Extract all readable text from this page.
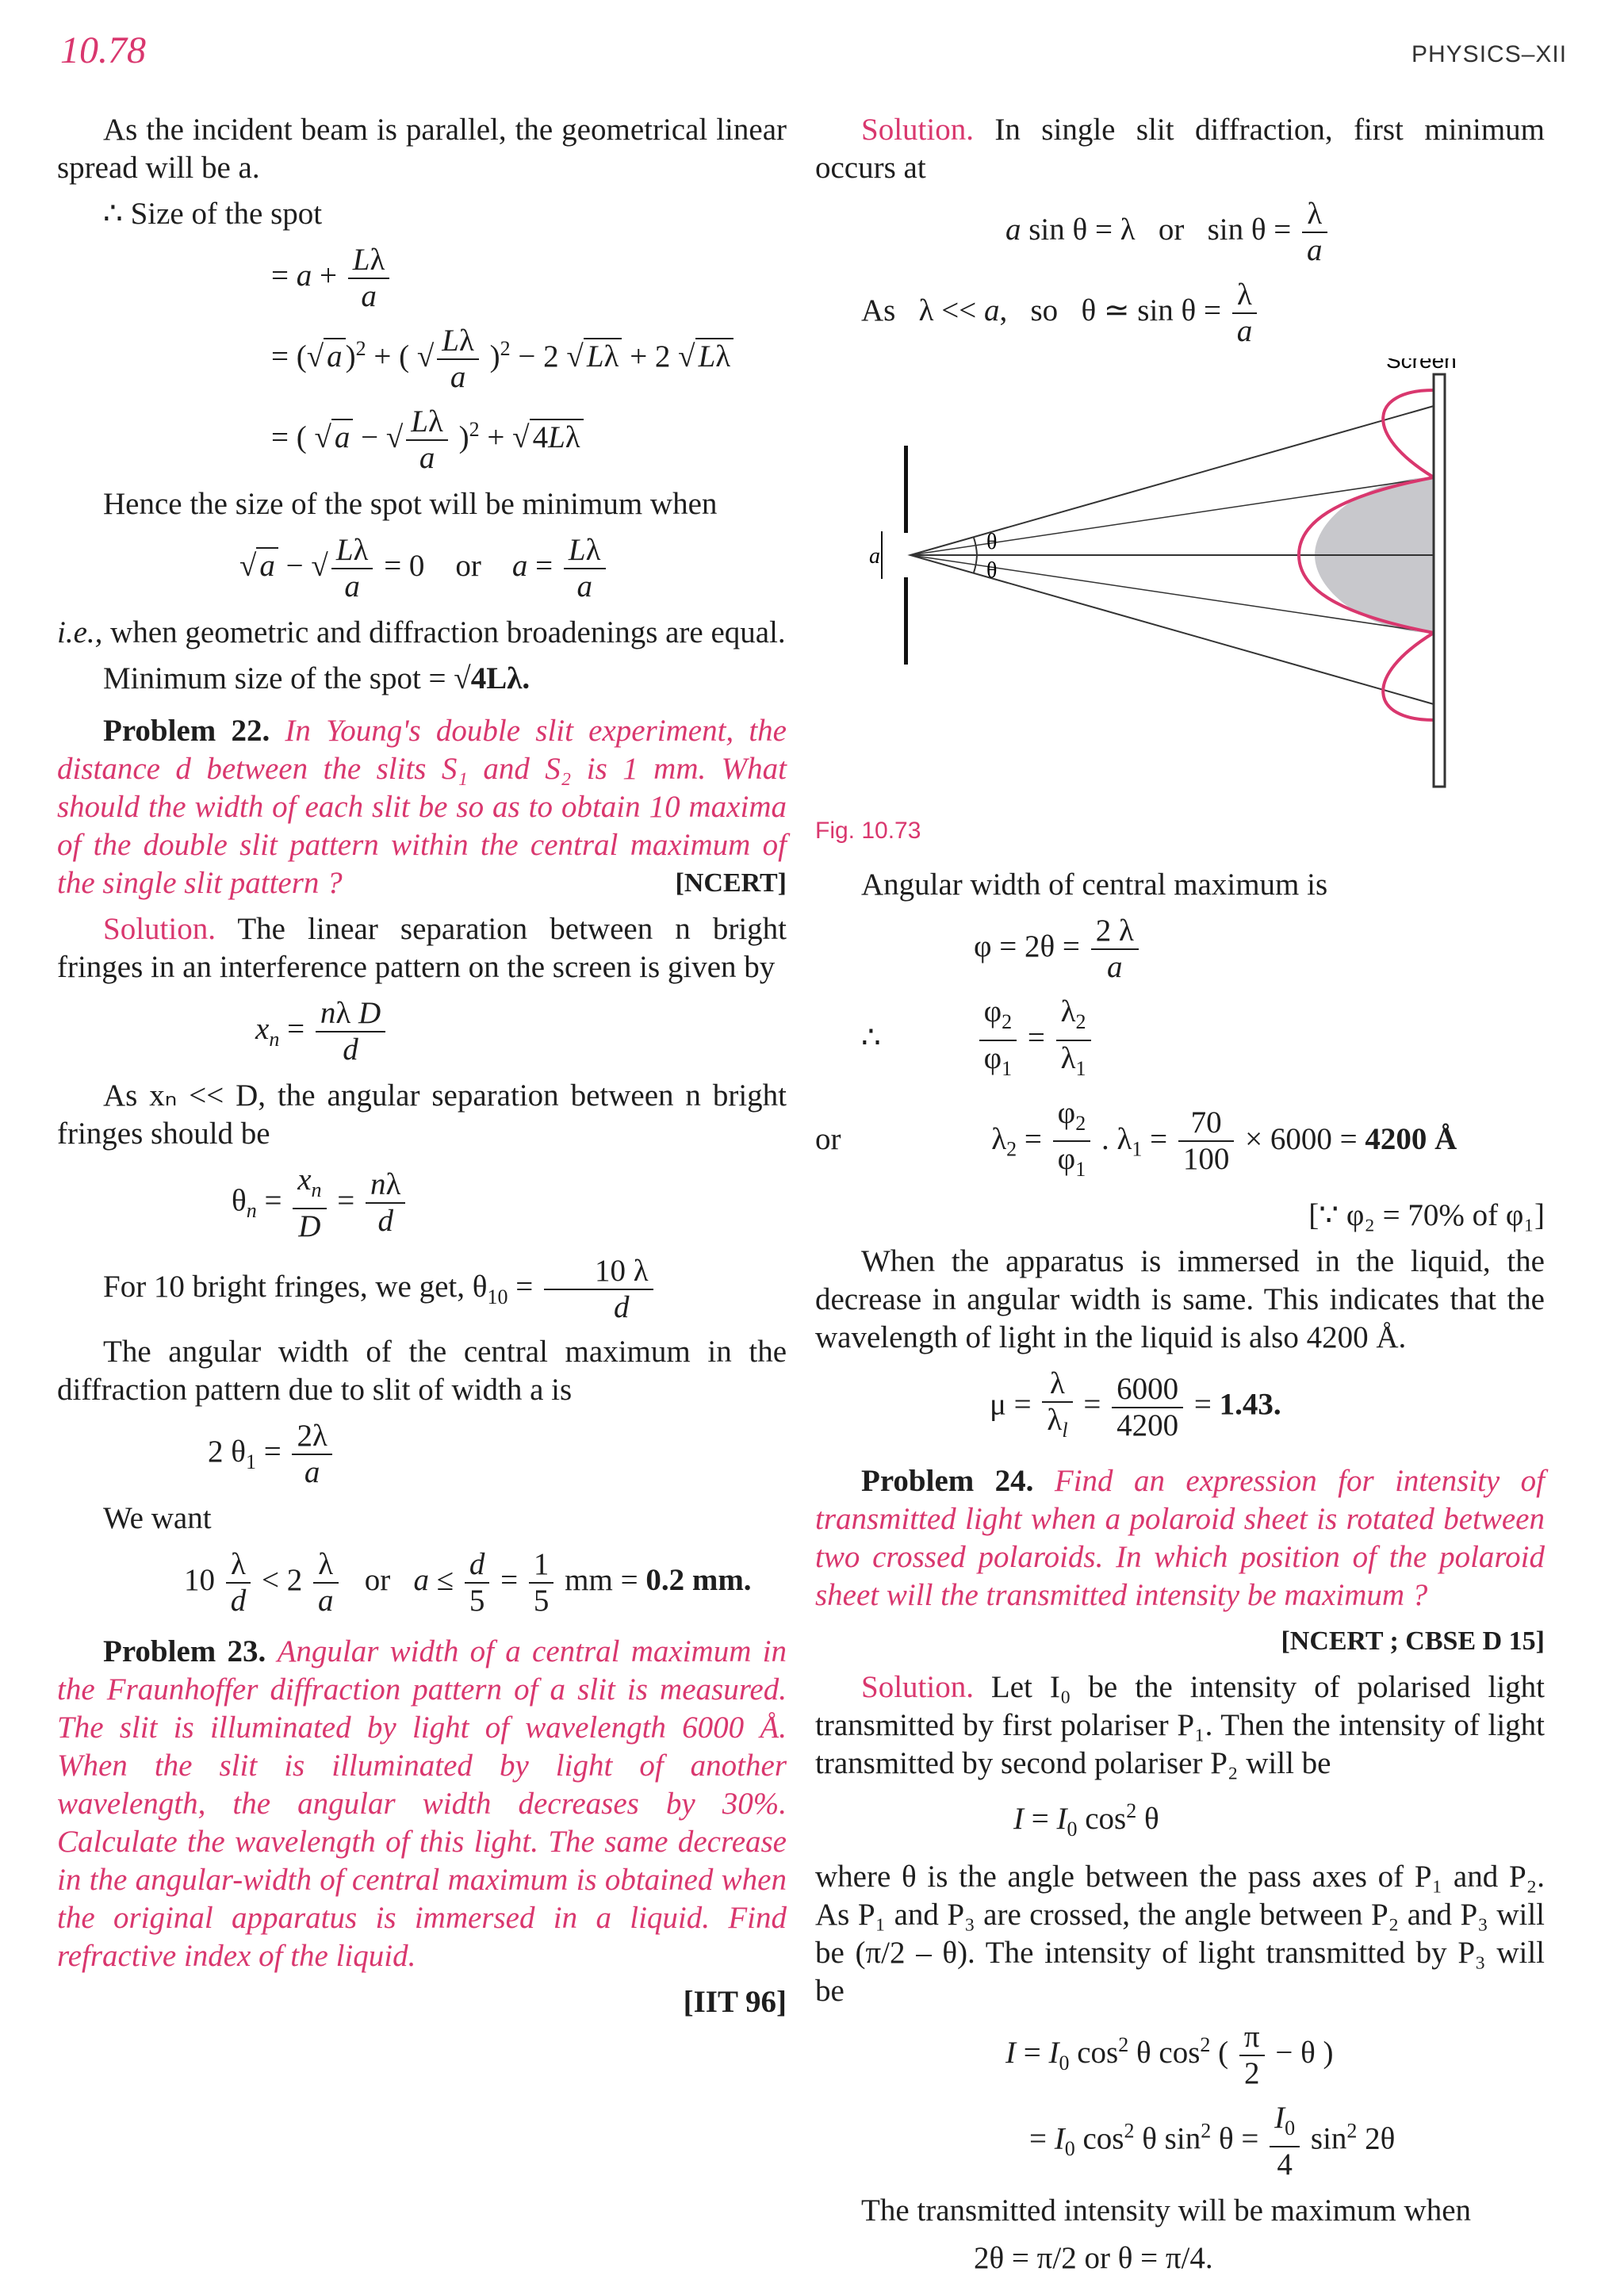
10.78	PHYSICS–XII

As the incident beam is parallel, the geometrical linear spread will be a.

∴ Size of the spot

= $a + \frac{L\lambda}{a}$
= (√ a )$^2$ + ( √ $\frac{L\lambda}{a} )^2 - 2$ √ Lλ + 2 √ Lλ
= ( √ a − √ $\frac{L\lambda}{a} )^2$ + √ 4Lλ

Hence the size of the spot will be minimum when

√ a − √ $\frac{L\lambda}{a} = 0$    or    $a = \frac{L\lambda}{a}$

i.e., when geometric and diffraction broadenings are equal.

Minimum size of the spot = √4Lλ.

Problem 22. In Young's double slit experiment, the distance d between the slits S₁ and S₂ is 1 mm. What should the width of each slit be so as to obtain 10 maxima of the double slit pattern within the central maximum of the single slit pattern ?	[NCERT]

Solution. The linear separation between n bright fringes in an interference pattern on the screen is given by

$x_n = \frac{\text{nλ D}}{d}$

As xₙ << D, the angular separation between n bright fringes should be

$\theta_n = \frac{x_n}{D} = \frac{n\lambda}{d}$

For 10 bright fringes, we get, $\theta_{10} = \frac{10 \lambda}{d}$

The angular width of the central maximum in the diffraction pattern due to slit of width a is

2 $\theta_1 = \frac{2\lambda}{a}$

We want

$10 \frac{\lambda}{d} < 2 \frac{\lambda}{a}$ or   $a \le \frac{d}{5} = \frac{1}{5}$ mm = 0.2 mm.

Problem 23. Angular width of a central maximum in the Fraunhoffer diffraction pattern of a slit is measured. The slit is illuminated by light of wavelength 6000 Å. When the slit is illuminated by light of another wavelength, the angular width decreases by 30%. Calculate the wavelength of this light. The same decrease in the angular-width of central maximum is obtained when the original apparatus is immersed in a liquid. Find refractive index of the liquid.

[IIT 96]

Solution. In single slit diffraction, first minimum occurs at

a sin θ = λ   or   $\sin \theta = \frac{\lambda}{a}$
As   λ << a,   so   θ ≃ $\sin \theta = \frac{\lambda}{a}$
a
θ
θ
Screen
Fig. 10.73

Angular width of central maximum is

$\varphi = 2\theta = \frac{2 \lambda}{a}$
∴	$\frac{\varphi_2}{\varphi_1} = \frac{\lambda_2}{\lambda_1}$
or	$\lambda_2 = \frac{\varphi_2}{\varphi_1}$ . $\lambda_1 = \frac{70}{100} \times 6000 = 4200$ Å

[∵ φ₂ = 70% of φ₁]

When the apparatus is immersed in the liquid, the decrease in angular width is same. This indicates that the wavelength of light in the liquid is also 4200 Å.

$\mu = \frac{\lambda}{\lambda_l} = \frac{6000}{4200} = 1.43$.

Problem 24. Find an expression for intensity of transmitted light when a polaroid sheet is rotated between two crossed polaroids. In which position of the polaroid sheet will the transmitted intensity be maximum ?

[NCERT ; CBSE D 15]

Solution. Let I₀ be the intensity of polarised light transmitted by first polariser P₁. Then the intensity of light transmitted by second polariser P₂ will be

$I = I_0$ $\cos^2 \theta$

where θ is the angle between the pass axes of P₁ and P₂. As P₁ and P₃ are crossed, the angle between P₂ and P₃ will be (π/2 – θ). The intensity of light transmitted by P₃ will be

$I = I_0$ $\cos^2 \theta$ $\cos^2$ ( $\frac{\pi}{2} - \theta$ )
= $I_0$ $\cos^2 \theta$ $\sin^2 \theta = \frac{I_0}{4} \sin^2 2\theta$

The transmitted intensity will be maximum when

2θ = π/2 or θ = π/4.
